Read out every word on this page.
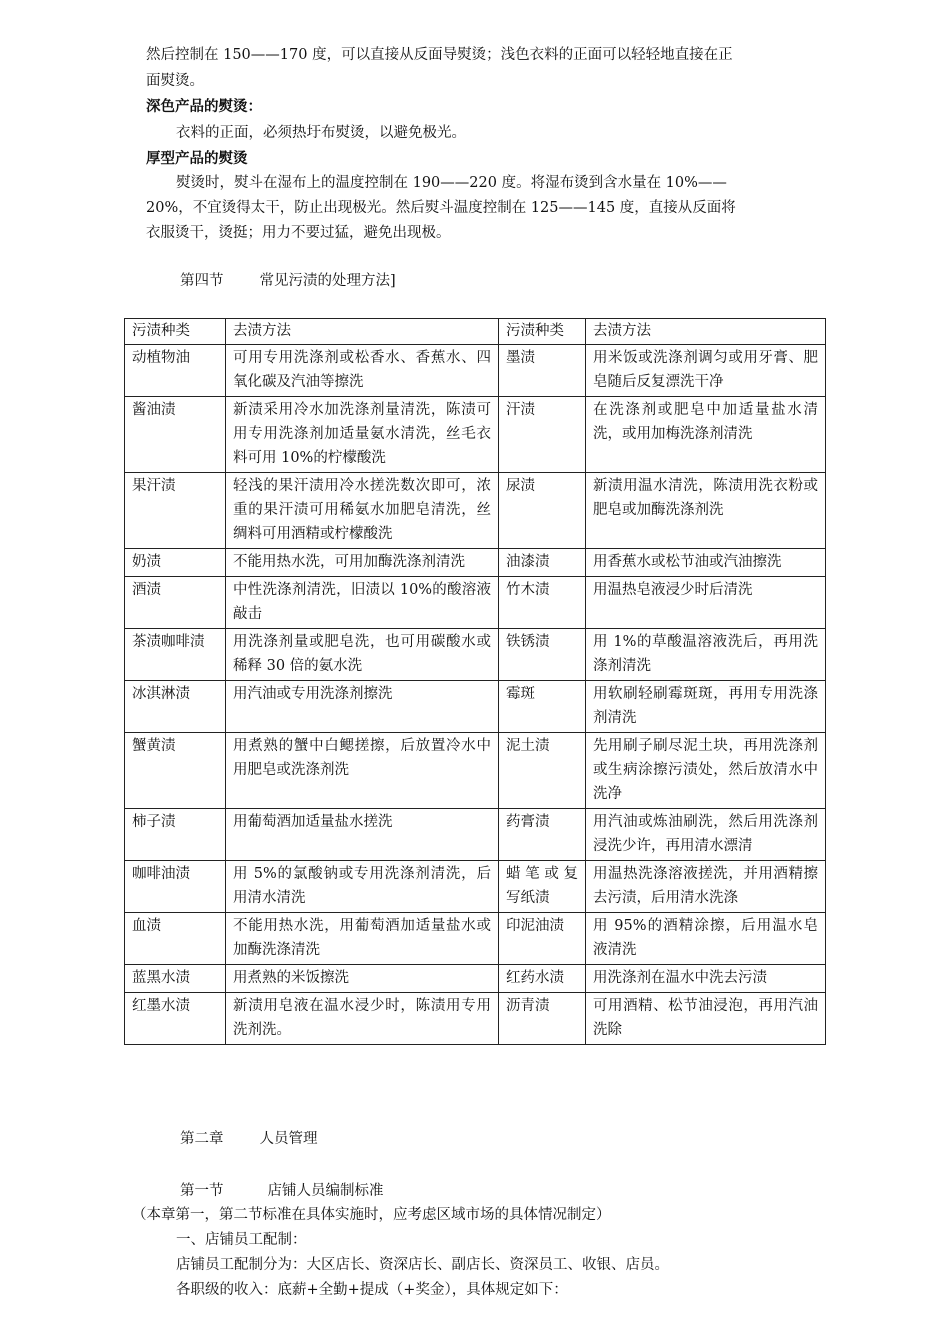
然后控制在 150——170 度，可以直接从反面导熨烫；浅色衣料的正面可以轻轻地直接在正
面熨烫。
深色产品的熨烫：
衣料的正面，必须热圩布熨烫，以避免极光。
厚型产品的熨烫
熨烫时，熨斗在湿布上的温度控制在 190——220 度。将湿布烫到含水量在 10%——
20%，不宜烫得太干，防止出现极光。然后熨斗温度控制在 125——145 度，直接从反面将
衣服烫干，烫挺；用力不要过猛，避免出现极。
第四节 常见污渍的处理方法]
污渍种类	去渍方法	污渍种类	去渍方法
动植物油	可用专用洗涤剂或松香水、香蕉水、四氧化碳及汽油等擦洗	墨渍	用米饭或洗涤剂调匀或用牙膏、肥皂随后反复漂洗干净
酱油渍	新渍采用冷水加洗涤剂量清洗，陈渍可用专用洗涤剂加适量氨水清洗，丝毛衣料可用 10%的柠檬酸洗	汗渍	在洗涤剂或肥皂中加适量盐水清洗，或用加梅洗涤剂清洗
果汗渍	轻浅的果汗渍用冷水搓洗数次即可，浓重的果汗渍可用稀氨水加肥皂清洗，丝绸料可用酒精或柠檬酸洗	尿渍	新渍用温水清洗，陈渍用洗衣粉或肥皂或加酶洗涤剂洗
奶渍	不能用热水洗，可用加酶洗涤剂清洗	油漆渍	用香蕉水或松节油或汽油擦洗
酒渍	中性洗涤剂清洗，旧渍以 10%的酸溶液敲击	竹木渍	用温热皂液浸少时后清洗
茶渍咖啡渍	用洗涤剂量或肥皂洗，也可用碳酸水或稀释 30 倍的氨水洗	铁锈渍	用 1%的草酸温溶液洗后，再用洗涤剂清洗
冰淇淋渍	用汽油或专用洗涤剂擦洗	霉斑	用软刷轻刷霉斑斑，再用专用洗涤剂清洗
蟹黄渍	用煮熟的蟹中白鳃搓擦，后放置冷水中用肥皂或洗涤剂洗	泥土渍	先用刷子刷尽泥土块，再用洗涤剂或生病涂擦污渍处，然后放清水中洗净
柿子渍	用葡萄酒加适量盐水搓洗	药膏渍	用汽油或炼油刷洗，然后用洗涤剂浸洗少许，再用清水漂清
咖啡油渍	用 5%的氯酸钠或专用洗涤剂清洗，后用清水清洗	蜡笔或复写纸渍	用温热洗涤溶液搓洗，并用酒精擦去污渍，后用清水洗涤
血渍	不能用热水洗，用葡萄酒加适量盐水或加酶洗涤清洗	印泥油渍	用 95%的酒精涂擦，后用温水皂液清洗
蓝黑水渍	用煮熟的米饭擦洗	红药水渍	用洗涤剂在温水中洗去污渍
红墨水渍	新渍用皂液在温水浸少时，陈渍用专用洗剂洗。	沥青渍	可用酒精、松节油浸泡，再用汽油洗除
第二章 人员管理
第一节	店铺人员编制标准
（本章第一，第二节标准在具体实施时，应考虑区域市场的具体情况制定）
一、店铺员工配制：
店铺员工配制分为：大区店长、资深店长、副店长、资深员工、收银、店员。
各职级的收入：底薪+全勤+提成（+奖金），具体规定如下：
